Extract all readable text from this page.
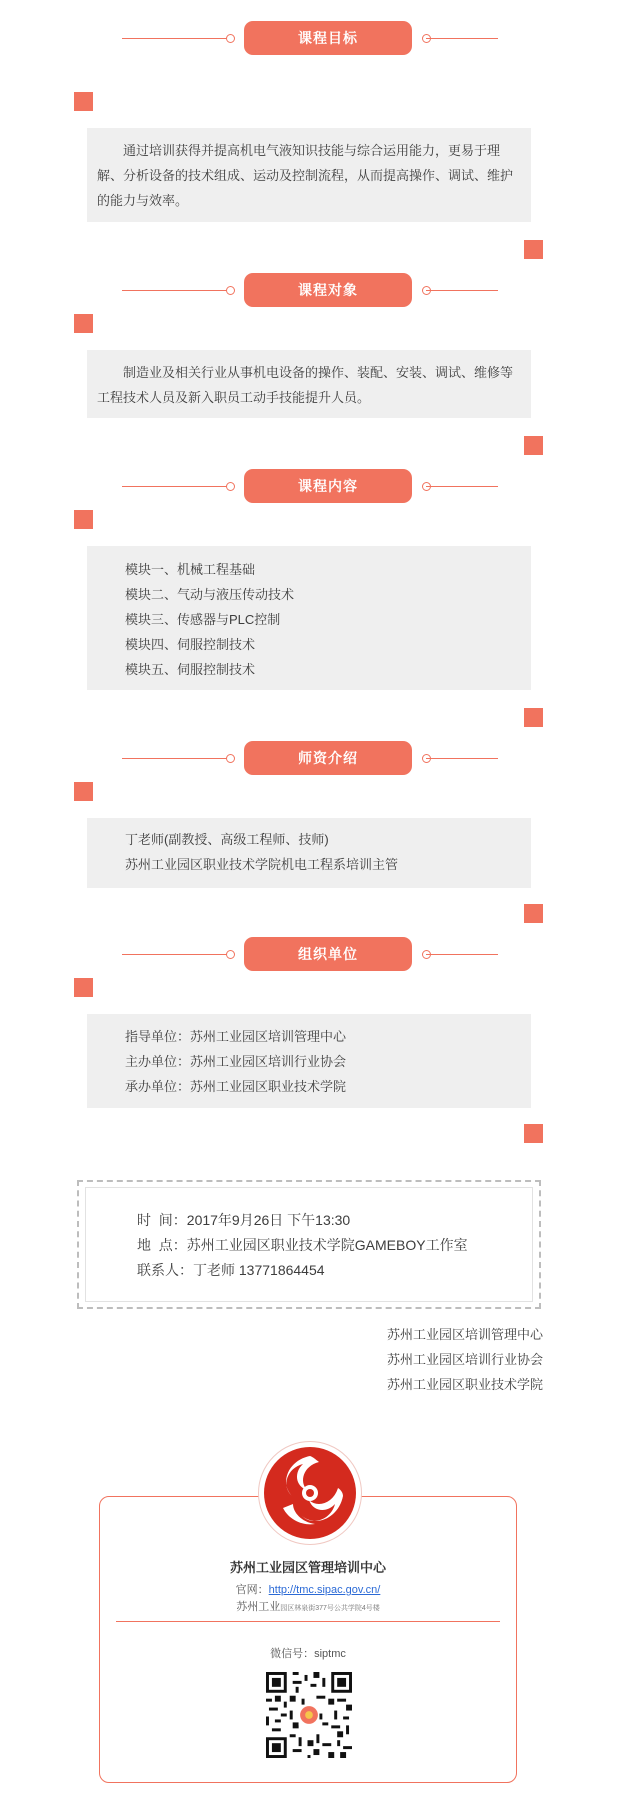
课程目标

通过培训获得并提高机电气液知识技能与综合运用能力，更易于理解、分析设备的技术组成、运动及控制流程，从而提高操作、调试、维护的能力与效率。

课程对象

制造业及相关行业从事机电设备的操作、装配、安装、调试、维修等工程技术人员及新入职员工动手技能提升人员。

课程内容

模块一、机械工程基础

模块二、气动与液压传动技术

模块三、传感器与PLC控制

模块四、伺服控制技术

模块五、伺服控制技术

师资介绍

丁老师(副教授、高级工程师、技师)

苏州工业园区职业技术学院机电工程系培训主管

组织单位

指导单位：苏州工业园区培训管理中心

主办单位：苏州工业园区培训行业协会

承办单位：苏州工业园区职业技术学院

时  间：2017年9月26日 下午13:30
地  点：苏州工业园区职业技术学院GAMEBOY工作室
联系人：丁老师 13771864454
苏州工业园区培训管理中心
苏州工业园区培训行业协会
苏州工业园区职业技术学院
苏州工业园区管理培训中心
官网：http://tmc.sipac.gov.cn/
苏州工业园区林泉街377号公共学院4号楼
微信号：siptmc
